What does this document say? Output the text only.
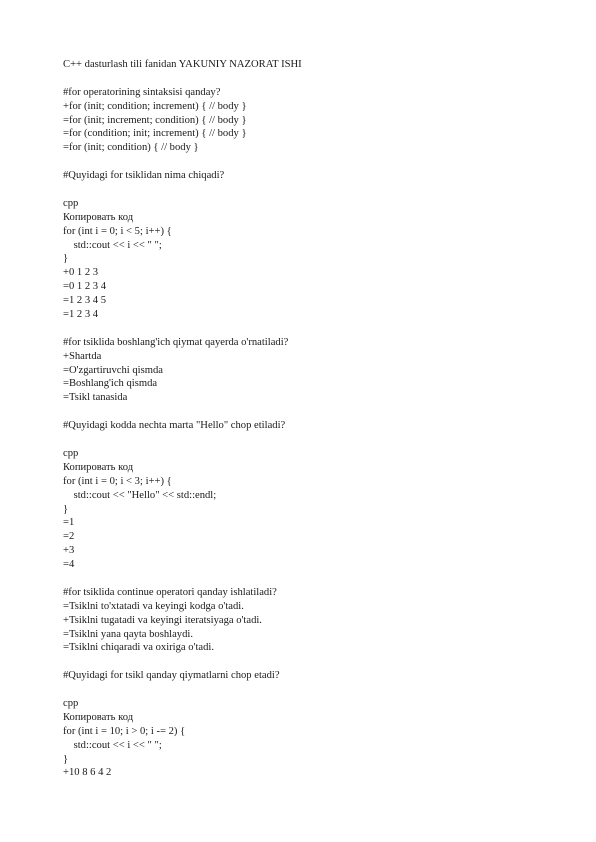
C++ dasturlash tili fanidan YAKUNIY NAZORAT ISHI
#for operatorining sintaksisi qanday?
+for (init; condition; increment) { // body }
=for (init; increment; condition) { // body }
=for (condition; init; increment) { // body }
=for (init; condition) { // body }
#Quyidagi for tsiklidan nima chiqadi?
cpp
Копировать код
for (int i = 0; i < 5; i++) {
std::cout << i << " ";
}
+0 1 2 3
=0 1 2 3 4
=1 2 3 4 5
=1 2 3 4
#for tsiklida boshlang'ich qiymat qayerda o'rnatiladi?
+Shartda
=O'zgartiruvchi qismda
=Boshlang'ich qismda
=Tsikl tanasida
#Quyidagi kodda nechta marta "Hello" chop etiladi?
cpp
Копировать код
for (int i = 0; i < 3; i++) {
std::cout << "Hello" << std::endl;
}
=1
=2
+3
=4
#for tsiklida continue operatori qanday ishlatiladi?
=Tsiklni to'xtatadi va keyingi kodga o'tadi.
+Tsiklni tugatadi va keyingi iteratsiyaga o'tadi.
=Tsiklni yana qayta boshlaydi.
=Tsiklni chiqaradi va oxiriga o'tadi.
#Quyidagi for tsikl qanday qiymatlarni chop etadi?
cpp
Копировать код
for (int i = 10; i > 0; i -= 2) {
std::cout << i << " ";
}
+10 8 6 4 2
